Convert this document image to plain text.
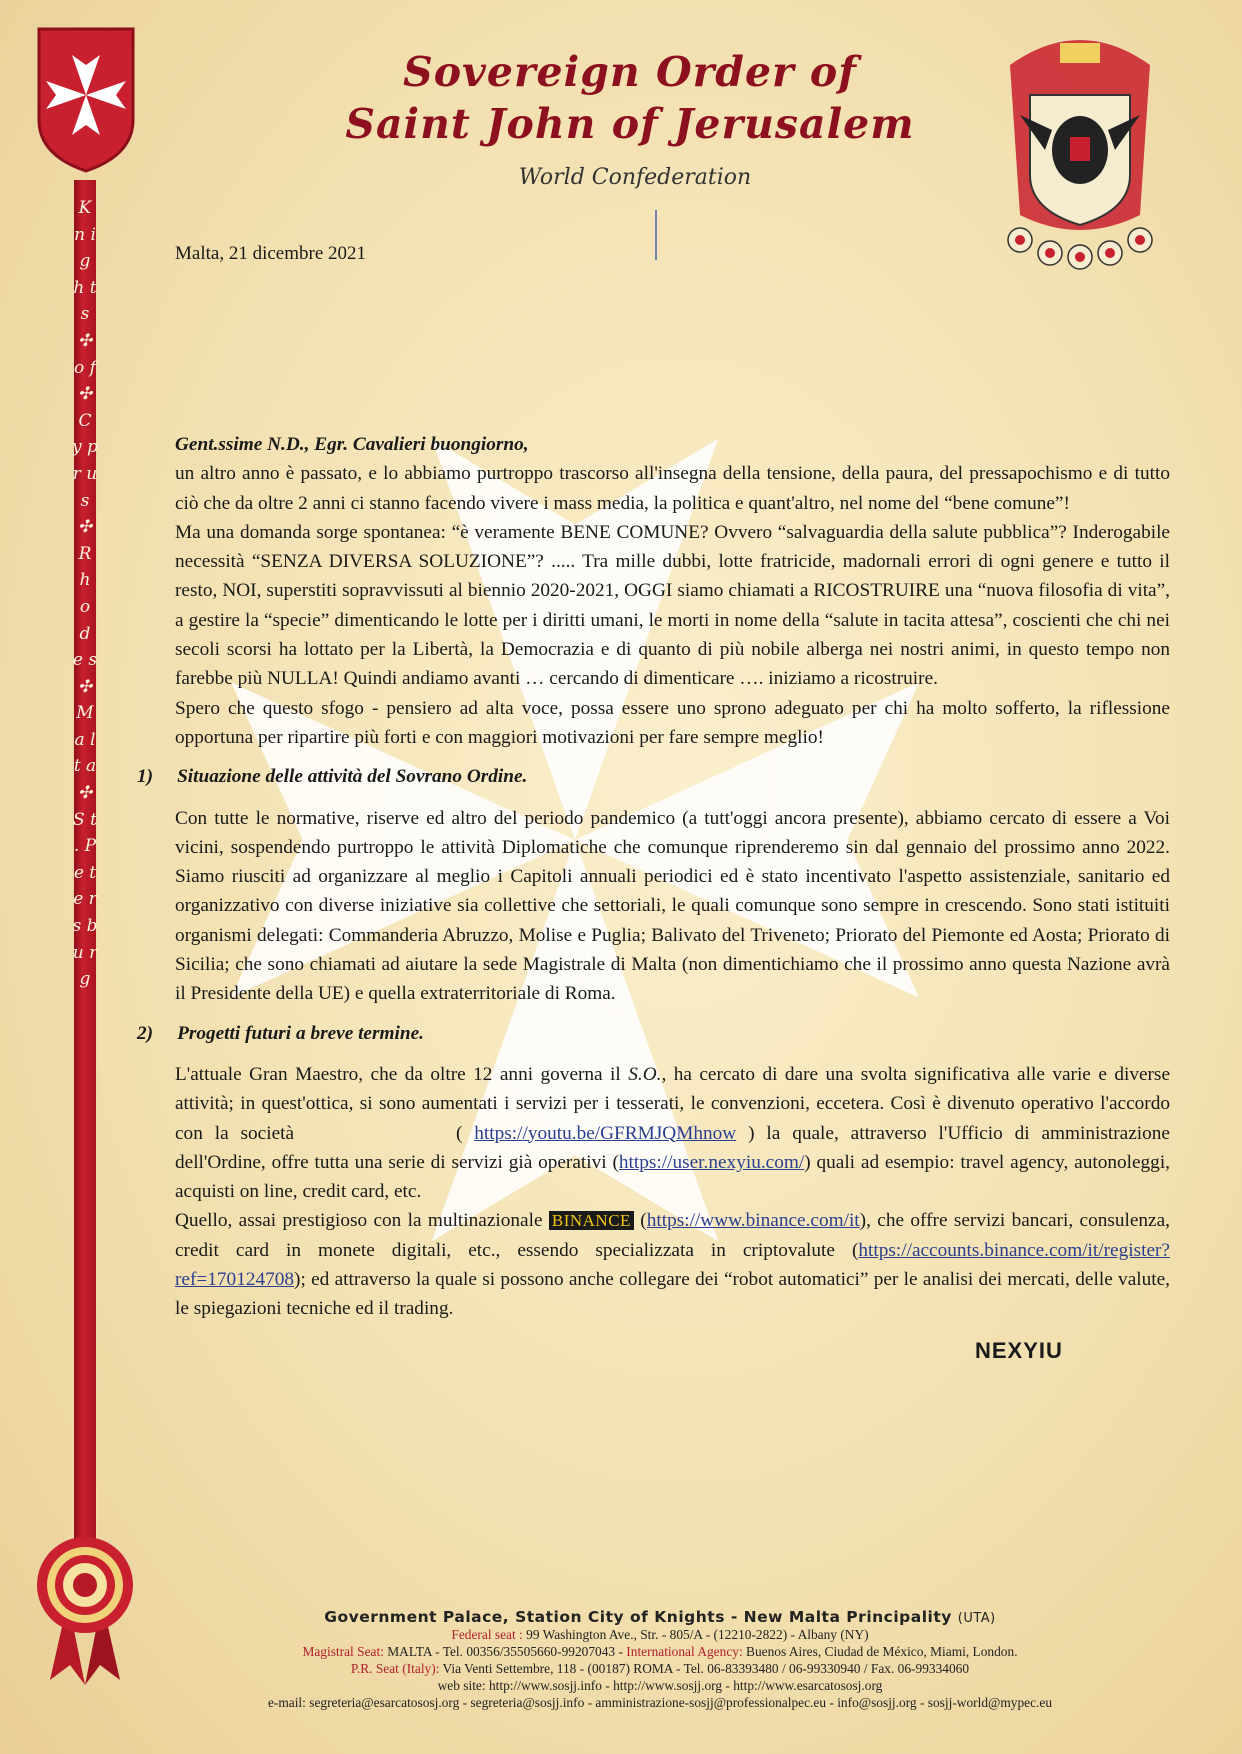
K n i g h t s ✣ o f ✣ C y p r u s ✣ R h o d e s ✣ M a l t a ✣ S t . P e t e r s b u r g
Sovereign Order of
Saint John of Jerusalem
World Confederation
Malta, 21 dicembre 2021
NEXYIU

Gent.ssime N.D., Egr. Cavalieri buongiorno,

un altro anno è passato, e lo abbiamo purtroppo trascorso all'insegna della tensione, della paura, del pressapochismo e di tutto ciò che da oltre 2 anni ci stanno facendo vivere i mass media, la politica e quant'altro, nel nome del “bene comune”!

Ma una domanda sorge spontanea: “è veramente BENE COMUNE? Ovvero “salvaguardia della salute pubblica”? Inderogabile necessità “SENZA DIVERSA SOLUZIONE”? ..... Tra mille dubbi, lotte fratricide, madornali errori di ogni genere e tutto il resto, NOI, superstiti sopravvissuti al biennio 2020-2021, OGGI siamo chiamati a RICOSTRUIRE una “nuova filosofia di vita”, a gestire la “specie” dimenticando le lotte per i diritti umani, le morti in nome della “salute in tacita attesa”, coscienti che chi nei secoli scorsi ha lottato per la Libertà, la Democrazia e di quanto di più nobile alberga nei nostri animi, in questo tempo non farebbe più NULLA! Quindi andiamo avanti … cercando di dimenticare …. iniziamo a ricostruire.

Spero che questo sfogo - pensiero ad alta voce, possa essere uno sprono adeguato per chi ha molto sofferto, la riflessione opportuna per ripartire più forti e con maggiori motivazioni per fare sempre meglio!

1) Situazione delle attività del Sovrano Ordine.

Con tutte le normative, riserve ed altro del periodo pandemico (a tutt'oggi ancora presente), abbiamo cercato di essere a Voi vicini, sospendendo purtroppo le attività Diplomatiche che comunque riprenderemo sin dal gennaio del prossimo anno 2022. Siamo riusciti ad organizzare al meglio i Capitoli annuali periodici ed è stato incentivato l'aspetto assistenziale, sanitario ed organizzativo con diverse iniziative sia collettive che settoriali, le quali comunque sono sempre in crescendo. Sono stati istituiti organismi delegati: Commanderia Abruzzo, Molise e Puglia; Balivato del Triveneto; Priorato del Piemonte ed Aosta; Priorato di Sicilia; che sono chiamati ad aiutare la sede Magistrale di Malta (non dimentichiamo che il prossimo anno questa Nazione avrà il Presidente della UE) e quella extraterritoriale di Roma.

2) Progetti futuri a breve termine.

L'attuale Gran Maestro, che da oltre 12 anni governa il S.O., ha cercato di dare una svolta significativa alle varie e diverse attività; in quest'ottica, si sono aumentati i servizi per i tesserati, le convenzioni, eccetera. Così è divenuto operativo l'accordo con la società	( https://youtu.be/GFRMJQMhnow ) la quale, attraverso l'Ufficio di amministrazione dell'Ordine, offre tutta una serie di servizi già operativi (https://user.nexyiu.com/) quali ad esempio: travel agency, autonoleggi, acquisti on line, credit card, etc.

Quello, assai prestigioso con la multinazionale BINANCE (https://www.binance.com/it), che offre servizi bancari, consulenza, credit card in monete digitali, etc., essendo specializzata in criptovalute (https://accounts.binance.com/it/register?ref=170124708); ed attraverso la quale si possono anche collegare dei “robot automatici” per le analisi dei mercati, delle valute, le spiegazioni tecniche ed il trading.

Government Palace, Station City of Knights - New Malta Principality (UTA)
Federal seat : 99 Washington Ave., Str. - 805/A - (12210-2822) - Albany (NY)
Magistral Seat: MALTA - Tel. 00356/35505660-99207043 - International Agency: Buenos Aires, Ciudad de México, Miami, London.
P.R. Seat (Italy): Via Venti Settembre, 118 - (00187) ROMA - Tel. 06-83393480 / 06-99330940 / Fax. 06-99334060
web site: http://www.sosjj.info - http://www.sosjj.org - http://www.esarcatososj.org
e-mail: segreteria@esarcatososj.org - segreteria@sosjj.info - amministrazione-sosjj@professionalpec.eu - info@sosjj.org - sosjj-world@mypec.eu
